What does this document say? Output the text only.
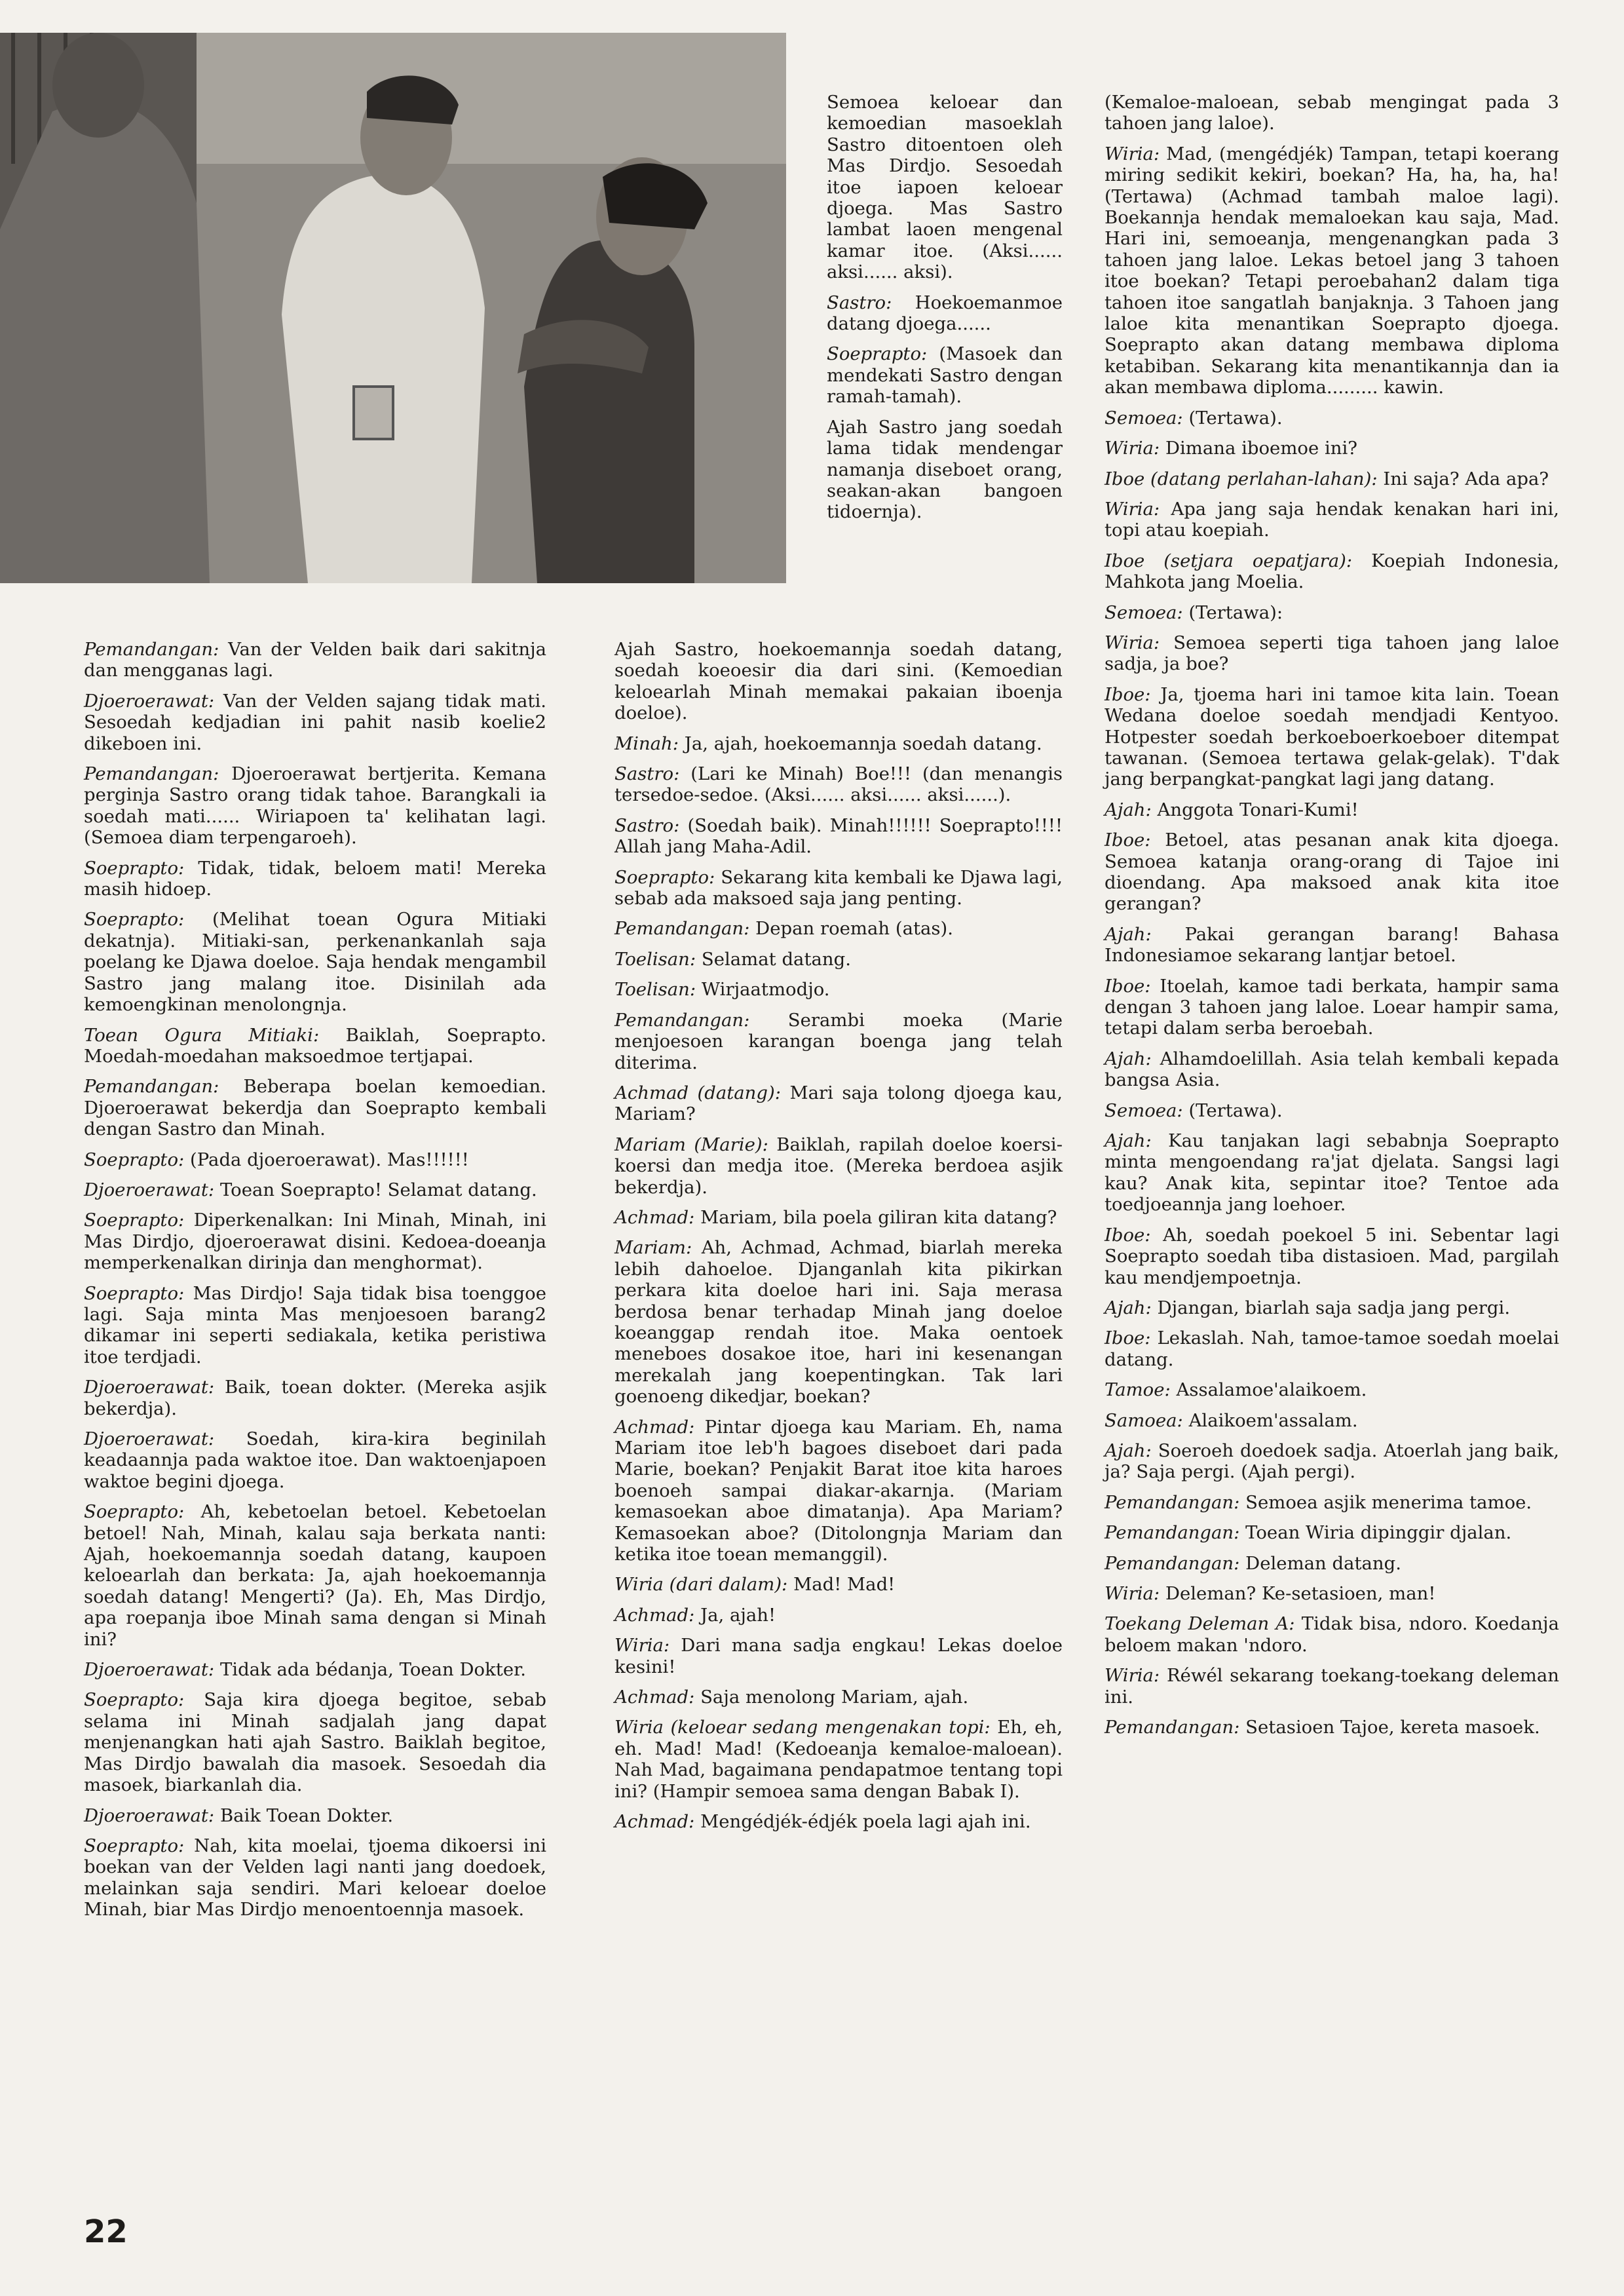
Semoea keloear dan kemoedian masoeklah Sastro ditoentoen oleh Mas Dirdjo. Sesoedah itoe iapoen keloear djoega. Mas Sastro lambat laoen mengenal kamar itoe. (Aksi...... aksi...... aksi).

Sastro: Hoekoemanmoe datang djoega......

Soeprapto: (Masoek dan mendekati Sastro dengan ramah-tamah).

Ajah Sastro jang soedah lama tidak mendengar namanja diseboet orang, seakan-akan bangoen tidoernja).

Pemandangan: Van der Velden baik dari sakitnja dan mengganas lagi.

Djoeroerawat: Van der Velden sajang tidak mati. Sesoedah kedjadian ini pahit nasib koelie2 dikeboen ini.

Pemandangan: Djoeroerawat bertjerita. Kemana perginja Sastro orang tidak tahoe. Barangkali ia soedah mati...... Wiriapoen ta' kelihatan lagi. (Semoea diam terpengaroeh).

Soeprapto: Tidak, tidak, beloem mati! Mereka masih hidoep.

Soeprapto: (Melihat toean Ogura Mitiaki dekatnja). Mitiaki-san, perkenankanlah saja poelang ke Djawa doeloe. Saja hendak mengambil Sastro jang malang itoe. Disinilah ada kemoengkinan menolongnja.

Toean Ogura Mitiaki: Baiklah, Soeprapto. Moedah-moedahan maksoedmoe tertjapai.

Pemandangan: Beberapa boelan kemoedian. Djoeroerawat bekerdja dan Soeprapto kembali dengan Sastro dan Minah.

Soeprapto: (Pada djoeroerawat). Mas!!!!!!

Djoeroerawat: Toean Soeprapto! Selamat datang.

Soeprapto: Diperkenalkan: Ini Minah, Minah, ini Mas Dirdjo, djoeroerawat disini. Kedoea-doeanja memperkenalkan dirinja dan menghormat).

Soeprapto: Mas Dirdjo! Saja tidak bisa toenggoe lagi. Saja minta Mas menjoesoen barang2 dikamar ini seperti sediakala, ketika peristiwa itoe terdjadi.

Djoeroerawat: Baik, toean dokter. (Mereka asjik bekerdja).

Djoeroerawat: Soedah, kira-kira beginilah keadaannja pada waktoe itoe. Dan waktoenjapoen waktoe begini djoega.

Soeprapto: Ah, kebetoelan betoel. Kebetoelan betoel! Nah, Minah, kalau saja berkata nanti: Ajah, hoekoemannja soedah datang, kaupoen keloearlah dan berkata: Ja, ajah hoekoemannja soedah datang! Mengerti? (Ja). Eh, Mas Dirdjo, apa roepanja iboe Minah sama dengan si Minah ini?

Djoeroerawat: Tidak ada bédanja, Toean Dokter.

Soeprapto: Saja kira djoega begitoe, sebab selama ini Minah sadjalah jang dapat menjenangkan hati ajah Sastro. Baiklah begitoe, Mas Dirdjo bawalah dia masoek. Sesoedah dia masoek, biarkanlah dia.

Djoeroerawat: Baik Toean Dokter.

Soeprapto: Nah, kita moelai, tjoema dikoersi ini boekan van der Velden lagi nanti jang doedoek, melainkan saja sendiri. Mari keloear doeloe Minah, biar Mas Dirdjo menoentoennja masoek.

Ajah Sastro, hoekoemannja soedah datang, soedah koeoesir dia dari sini. (Kemoedian keloearlah Minah memakai pakaian iboenja doeloe).

Minah: Ja, ajah, hoekoemannja soedah datang.

Sastro: (Lari ke Minah) Boe!!! (dan menangis tersedoe-sedoe. (Aksi...... aksi...... aksi......).

Sastro: (Soedah baik). Minah!!!!!! Soeprapto!!!! Allah jang Maha-Adil.

Soeprapto: Sekarang kita kembali ke Djawa lagi, sebab ada maksoed saja jang penting.

Pemandangan: Depan roemah (atas).

Toelisan: Selamat datang.

Toelisan: Wirjaatmodjo.

Pemandangan: Serambi moeka (Marie menjoesoen karangan boenga jang telah diterima.

Achmad (datang): Mari saja tolong djoega kau, Mariam?

Mariam (Marie): Baiklah, rapilah doeloe koersi-koersi dan medja itoe. (Mereka berdoea asjik bekerdja).

Achmad: Mariam, bila poela giliran kita datang?

Mariam: Ah, Achmad, Achmad, biarlah mereka lebih dahoeloe. Djanganlah kita pikirkan perkara kita doeloe hari ini. Saja merasa berdosa benar terhadap Minah jang doeloe koeanggap rendah itoe. Maka oentoek meneboes dosakoe itoe, hari ini kesenangan merekalah jang koepentingkan. Tak lari goenoeng dikedjar, boekan?

Achmad: Pintar djoega kau Mariam. Eh, nama Mariam itoe leb'h bagoes diseboet dari pada Marie, boekan? Penjakit Barat itoe kita haroes boenoeh sampai diakar-akarnja. (Mariam kemasoekan aboe dimatanja). Apa Mariam? Kemasoekan aboe? (Ditolongnja Mariam dan ketika itoe toean memanggil).

Wiria (dari dalam): Mad! Mad!

Achmad: Ja, ajah!

Wiria: Dari mana sadja engkau! Lekas doeloe kesini!

Achmad: Saja menolong Mariam, ajah.

Wiria (keloear sedang mengenakan topi: Eh, eh, eh. Mad! Mad! (Kedoeanja kemaloe-maloean). Nah Mad, bagaimana pendapatmoe tentang topi ini? (Hampir semoea sama dengan Babak I).

Achmad: Mengédjék-édjék poela lagi ajah ini.

(Kemaloe-maloean, sebab mengingat pada 3 tahoen jang laloe).

Wiria: Mad, (mengédjék) Tampan, tetapi koerang miring sedikit kekiri, boekan? Ha, ha, ha, ha! (Tertawa) (Achmad tambah maloe lagi). Boekannja hendak memaloekan kau saja, Mad. Hari ini, semoeanja, mengenangkan pada 3 tahoen jang laloe. Lekas betoel jang 3 tahoen itoe boekan? Tetapi peroebahan2 dalam tiga tahoen itoe sangatlah banjaknja. 3 Tahoen jang laloe kita menantikan Soeprapto djoega. Soeprapto akan datang membawa diploma ketabiban. Sekarang kita menantikannja dan ia akan membawa diploma......... kawin.

Semoea: (Tertawa).

Wiria: Dimana iboemoe ini?

Iboe (datang perlahan-lahan): Ini saja? Ada apa?

Wiria: Apa jang saja hendak kenakan hari ini, topi atau koepiah.

Iboe (setjara oepatjara): Koepiah Indonesia, Mahkota jang Moelia.

Semoea: (Tertawa):

Wiria: Semoea seperti tiga tahoen jang laloe sadja, ja boe?

Iboe: Ja, tjoema hari ini tamoe kita lain. Toean Wedana doeloe soedah mendjadi Kentyoo. Hotpester soedah berkoeboerkoeboer ditempat tawanan. (Semoea tertawa gelak-gelak). T'dak jang berpangkat-pangkat lagi jang datang.

Ajah: Anggota Tonari-Kumi!

Iboe: Betoel, atas pesanan anak kita djoega. Semoea katanja orang-orang di Tajoe ini dioendang. Apa maksoed anak kita itoe gerangan?

Ajah: Pakai gerangan barang! Bahasa Indonesiamoe sekarang lantjar betoel.

Iboe: Itoelah, kamoe tadi berkata, hampir sama dengan 3 tahoen jang laloe. Loear hampir sama, tetapi dalam serba beroebah.

Ajah: Alhamdoelillah. Asia telah kembali kepada bangsa Asia.

Semoea: (Tertawa).

Ajah: Kau tanjakan lagi sebabnja Soeprapto minta mengoendang ra'jat djelata. Sangsi lagi kau? Anak kita, sepintar itoe? Tentoe ada toedjoeannja jang loehoer.

Iboe: Ah, soedah poekoel 5 ini. Sebentar lagi Soeprapto soedah tiba distasioen. Mad, pargilah kau mendjempoetnja.

Ajah: Djangan, biarlah saja sadja jang pergi.

Iboe: Lekaslah. Nah, tamoe-tamoe soedah moelai datang.

Tamoe: Assalamoe'alaikoem.

Samoea: Alaikoem'assalam.

Ajah: Soeroeh doedoek sadja. Atoerlah jang baik, ja? Saja pergi. (Ajah pergi).

Pemandangan: Semoea asjik menerima tamoe.

Pemandangan: Toean Wiria dipinggir djalan.

Pemandangan: Deleman datang.

Wiria: Deleman? Ke-setasioen, man!

Toekang Deleman A: Tidak bisa, ndoro. Koedanja beloem makan 'ndoro.

Wiria: Réwél sekarang toekang-toekang deleman ini.

Pemandangan: Setasioen Tajoe, kereta masoek.

22
